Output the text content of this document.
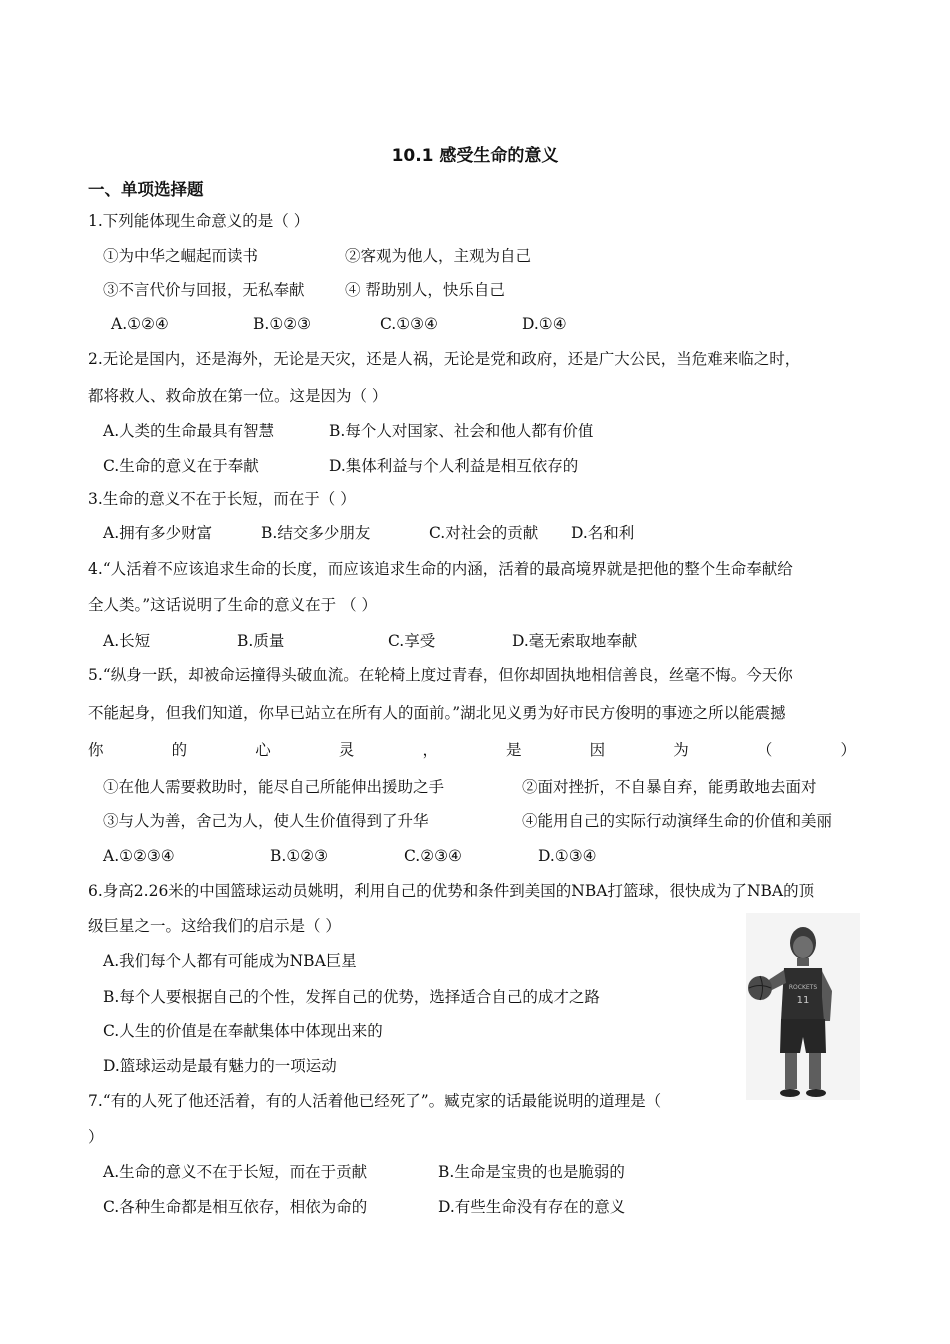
10.1 感受生命的意义
一、单项选择题
1.下列能体现生命意义的是（ ）
①为中华之崛起而读书	②客观为他人，主观为自己
③不言代价与回报，无私奉献	④ 帮助别人，快乐自己
A.①②④	B.①②③	C.①③④	D.①④
2.无论是国内，还是海外，无论是天灾，还是人祸，无论是党和政府，还是广大公民，当危难来临之时，
都将救人、救命放在第一位。这是因为（ ）
A.人类的生命最具有智慧	B.每个人对国家、社会和他人都有价值
C.生命的意义在于奉献	D.集体利益与个人利益是相互依存的
3.生命的意义不在于长短，而在于（ ）
A.拥有多少财富	B.结交多少朋友	C.对社会的贡献 D.名和利
4.“人活着不应该追求生命的长度，而应该追求生命的内涵，活着的最高境界就是把他的整个生命奉献给
全人类。”这话说明了生命的意义在于 （ ）
A.长短	B.质量	C.享受	D.毫无索取地奉献
5.“纵身一跃，却被命运撞得头破血流。在轮椅上度过青春，但你却固执地相信善良，丝毫不悔。今天你
不能起身，但我们知道，你早已站立在所有人的面前。”湖北见义勇为好市民方俊明的事迹之所以能震撼
你	的	心	灵	，	是	因	为	（	）
①在他人需要救助时，能尽自己所能伸出援助之手	②面对挫折，不自暴自弃，能勇敢地去面对
③与人为善，舍己为人，使人生价值得到了升华	④能用自己的实际行动演绎生命的价值和美丽
A.①②③④	B.①②③	C.②③④	D.①③④
6.身高2.26米的中国篮球运动员姚明，利用自己的优势和条件到美国的NBA打篮球，很快成为了NBA的顶
级巨星之一。这给我们的启示是（ ）
A.我们每个人都有可能成为NBA巨星
B.每个人要根据自己的个性，发挥自己的优势，选择适合自己的成才之路
C.人生的价值是在奉献集体中体现出来的
D.篮球运动是最有魅力的一项运动
ROCKETS
11
7.“有的人死了他还活着，有的人活着他已经死了”。臧克家的话最能说明的道理是（
）
A.生命的意义不在于长短，而在于贡献	B.生命是宝贵的也是脆弱的
C.各种生命都是相互依存，相依为命的	D.有些生命没有存在的意义
